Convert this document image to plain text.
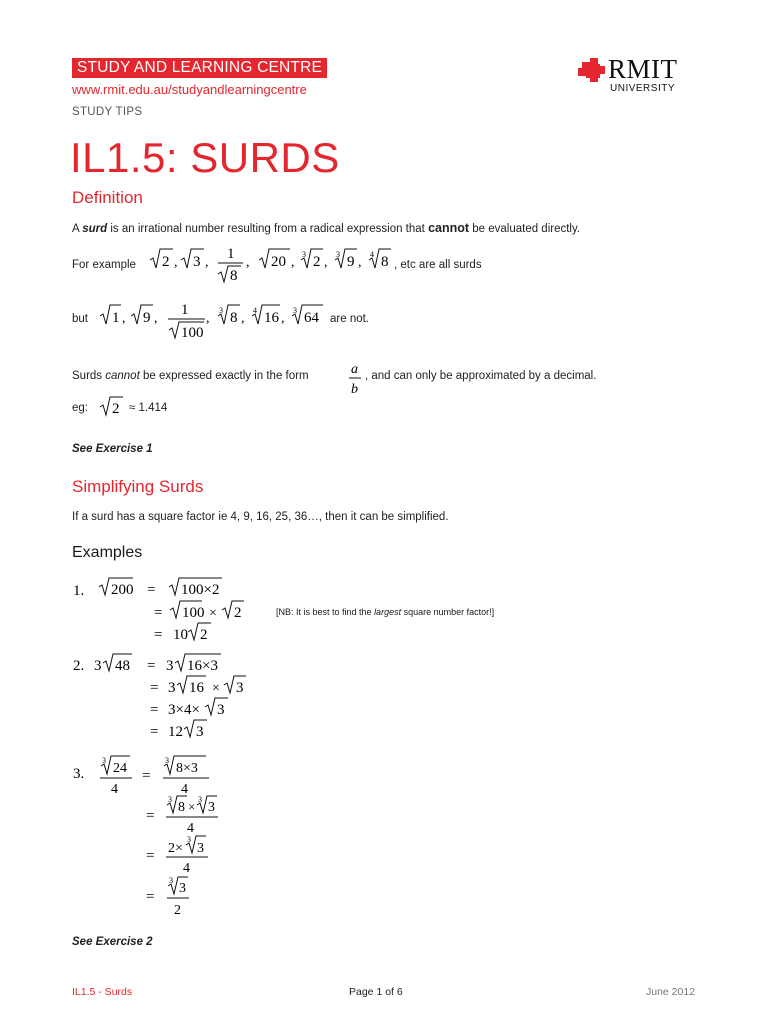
STUDY AND LEARNING CENTRE
www.rmit.edu.au/studyandlearningcentre
STUDY TIPS
RMIT
UNIVERSITY
IL1.5: SURDS
Definition
A surd is an irrational number resulting from a radical expression that cannot be evaluated directly.
For example 2 , 3 ,
1
8
, 20 ,
3 2 ,
3 9 ,
4 8 , etc are all surds
but 1 , 9 ,
1
100
,
3 8 ,
4 16 ,
3 64 are not.
Surds cannot be expressed exactly in the form	a
b
, and can only be approximated by a decimal.
eg: 2 ≈ 1.414
See Exercise 1
Simplifying Surds
If a surd has a square factor ie 4, 9, 16, 25, 36…, then it can be simplified.
Examples
1. 200 = 100×2
= 100 × 2
= 10 2
[NB: It is best to find the largest square number factor!]
2. 3 48 = 3 16×3
= 3 16 × 3
= 3×4× 3
= 12 3
3.
3
24
4
=
3
8×3
4
=
3
8 × 3
3
4
= 2×
3
3
4
=
3
3
2
See Exercise 2
IL1.5 - Surds	Page 1 of 6	June 2012
